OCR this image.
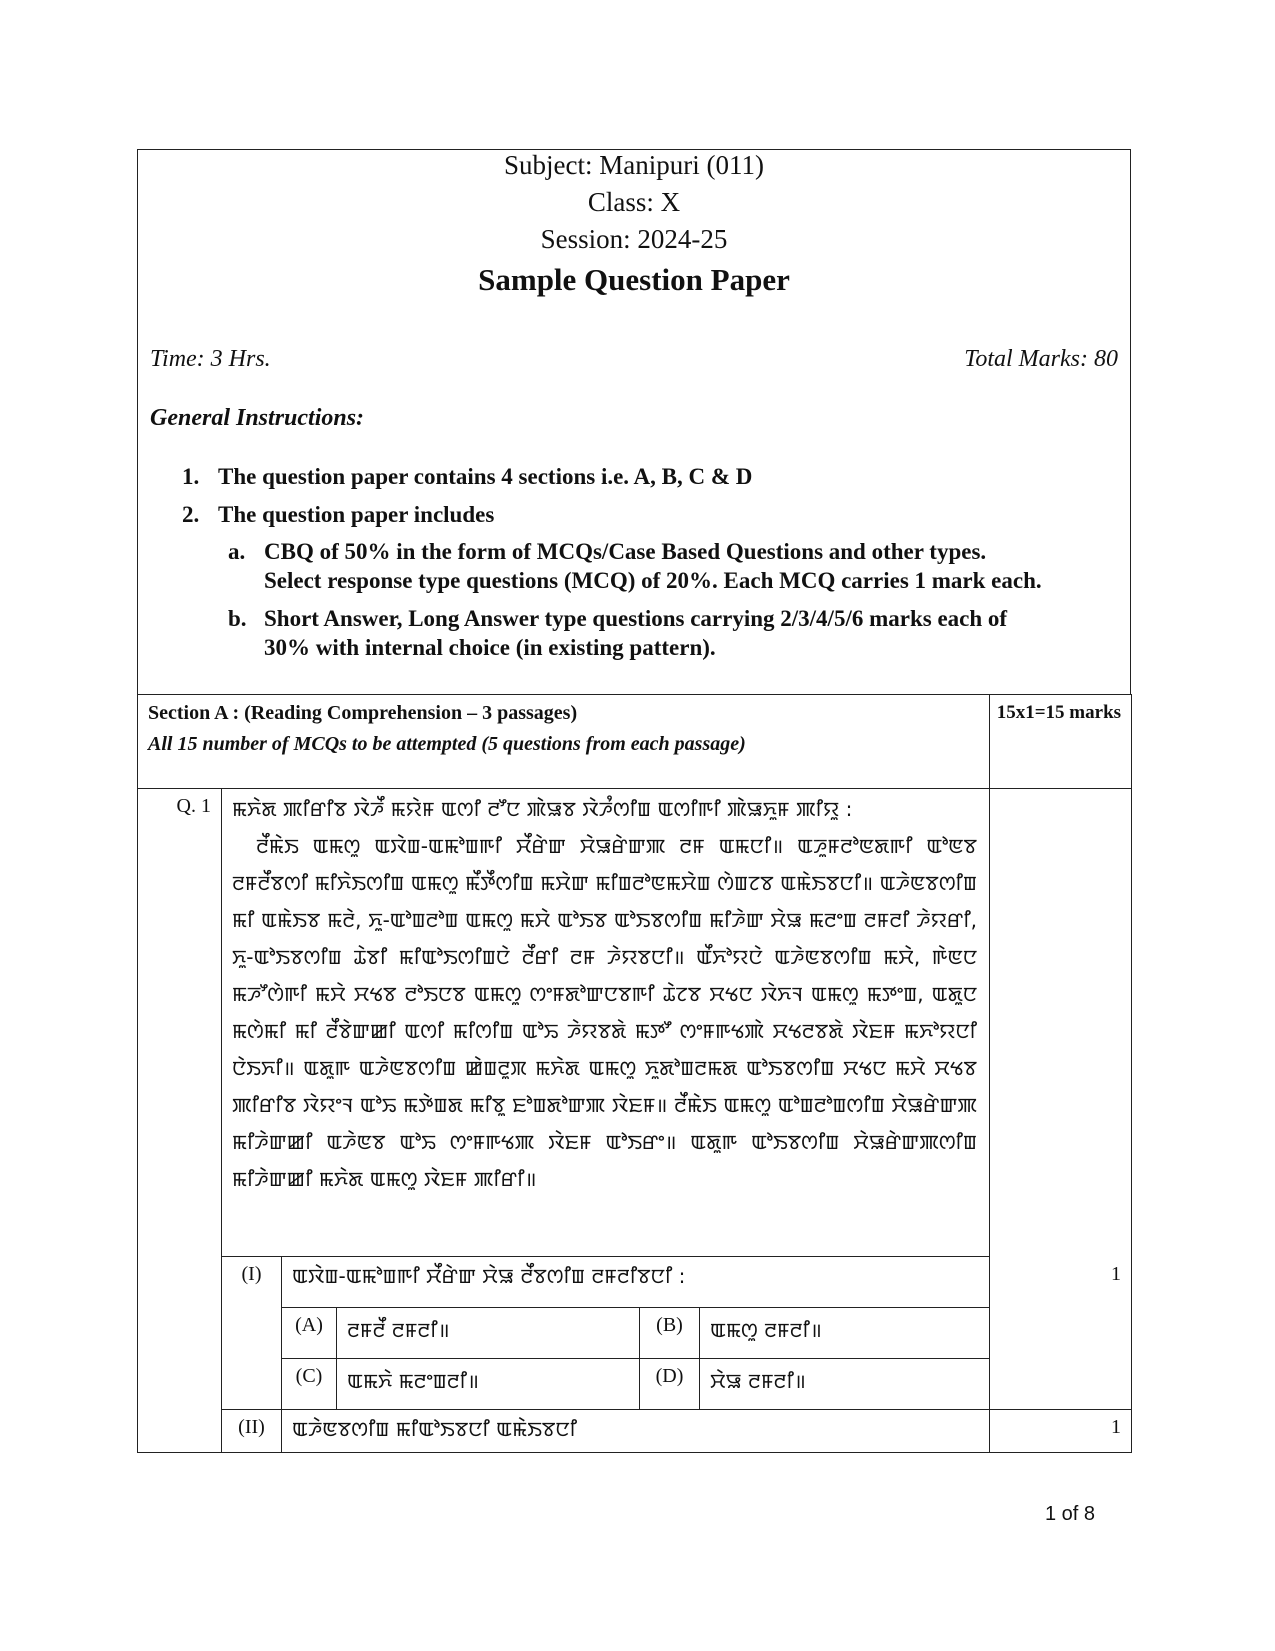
Subject: Manipuri (011)
Class: X
Session: 2024-25
Sample Question Paper
Time: 3 Hrs.	Total Marks: 80
General Instructions:
1. The question paper contains 4 sections i.e. A, B, C & D
2. The question paper includes
a. CBQ of 50% in the form of MCQs/Case Based Questions and other types.
Select response type questions (MCQ) of 20%. Each MCQ carries 1 mark each.
b. Short Answer, Long Answer type questions carrying 2/3/4/5/6 marks each of
30% with internal choice (in existing pattern).
Section A : (Reading Comprehension – 3 passages)
All 15 number of MCQs to be attempted (5 questions from each passage)						15x1=15 marks
Q. 1	ꯃꯈꯥꯗ ꯄꯤꯔꯤꯕ ꯋꯥꯍꯩ ꯃꯌꯥꯝ ꯑꯁꯤ ꯂꯧꯅ ꯄꯥꯎꯕ ꯋꯥꯍꯪꯁꯤꯡ ꯑꯁꯤꯒꯤ ꯄꯥꯎꯈꯨꯝ ꯄꯤꯌꯨ :

ꯂꯩꯃꯥꯏ ꯑꯃꯁꯨ ꯑꯋꯥꯡ-ꯑꯃꯣꯡꯒꯤ ꯆꯩꯔꯥꯛ ꯆꯥꯎꯔꯥꯛꯄ ꯂꯝ ꯑꯃꯅꯤ॥ ꯑꯍꯨꯝꯂꯣꯟꯗꯒꯤ ꯑꯣꯟꯕ ꯂꯝꯂꯩꯕꯁꯤ ꯃꯤꯈꯥꯏꯁꯤꯡ ꯑꯃꯁꯨ ꯃꯩꯇꯩꯁꯤꯡ ꯃꯆꯥꯛ ꯃꯤꯡꯂꯣꯟꯃꯆꯥꯡ ꯁꯥꯡꯖꯕ ꯑꯃꯥꯏꯕꯅꯤ॥ ꯑꯍꯥꯟꯕꯁꯤꯡ ꯃꯤ ꯑꯃꯥꯏꯕ ꯃꯂꯥ, ꯈꯨ-ꯑꯣꯡꯂꯣꯡ ꯑꯃꯁꯨ ꯃꯆꯥ ꯑꯣꯏꯕ ꯑꯣꯏꯕꯁꯤꯡ ꯃꯤꯍꯥꯛ ꯆꯥꯎ ꯃꯂꯦꯡ ꯂꯝꯂꯤ ꯍꯥꯌꯔꯤ, ꯈꯨ-ꯑꯣꯏꯕꯁꯤꯡ ꯊꯥꯕꯤ ꯃꯤꯑꯣꯏꯁꯤꯡꯅꯥ ꯂꯩꯔꯤ ꯂꯝ ꯍꯥꯌꯕꯅꯤ॥ ꯑꯩꯈꯣꯌꯅꯥ ꯑꯍꯥꯟꯕꯁꯤꯡ ꯃꯆꯥ, ꯒꯥꯟꯅ ꯃꯍꯧꯁꯥꯒꯤ ꯃꯆꯥ ꯆꯠꯕ ꯂꯣꯏꯅꯕ ꯑꯃꯁꯨ ꯁꯦꯝꯗꯣꯛꯅꯕꯒꯤ ꯊꯥꯖꯕ ꯆꯠꯅ ꯋꯥꯈꯜ ꯑꯃꯁꯨ ꯃꯇꯦꯡ, ꯑꯗꯨꯅ ꯃꯁꯥꯃꯤ ꯃꯤ ꯂꯩꯕꯥꯛꯀꯤ ꯑꯁꯤ ꯃꯤꯁꯤꯡ ꯑꯣꯢ ꯍꯥꯌꯕꯗꯥ ꯃꯇꯧ ꯁꯦꯝꯒꯠꯄꯥ ꯆꯠꯂꯕꯗꯥ ꯋꯥꯐꯝ ꯃꯈꯣꯌꯅꯤ ꯅꯥꯏꯈꯤ॥ ꯑꯗꯨꯒ ꯑꯍꯥꯟꯕꯁꯤꯡ ꯀꯥꯡꯂꯨꯞ ꯃꯈꯥꯗ ꯑꯃꯁꯨ ꯈꯨꯗꯣꯡꯂꯃꯗ ꯑꯣꯏꯕꯁꯤꯡ ꯆꯠꯅ ꯃꯆꯥ ꯆꯠꯕ ꯄꯤꯔꯤꯕ ꯋꯥꯌꯦꯜ ꯑꯣꯢ ꯃꯇꯥꯡꯗ ꯃꯤꯕꯨ ꯐꯣꯡꯗꯣꯛꯄ ꯋꯥꯐꯝ॥ ꯂꯩꯃꯥꯏ ꯑꯃꯁꯨ ꯑꯣꯡꯂꯣꯡꯁꯤꯡ ꯆꯥꯎꯔꯥꯛꯄ ꯃꯤꯍꯥꯛꯀꯤ ꯑꯍꯥꯟꯕ ꯑꯣꯢ ꯁꯦꯝꯒꯠꯄ ꯋꯥꯐꯝ ꯑꯣꯏꯔꯦ॥ ꯑꯗꯨꯒ ꯑꯣꯏꯕꯁꯤꯡ ꯆꯥꯎꯔꯥꯛꯄꯁꯤꯡ ꯃꯤꯍꯥꯛꯀꯤ ꯃꯈꯥꯗ ꯑꯃꯁꯨ ꯋꯥꯐꯝ ꯄꯤꯔꯤ॥					

	(I)	ꯑꯋꯥꯡ-ꯑꯃꯣꯡꯒꯤ ꯆꯩꯔꯥꯛ ꯆꯥꯎ ꯂꯩꯕꯁꯤꯡ ꯂꯝꯂꯤꯕꯅꯤ :				1
		(A)	ꯂꯝꯂꯩ ꯂꯝꯂꯤ॥	(B)	ꯑꯃꯁꯨ ꯂꯝꯂꯤ॥	
		(C)	ꯑꯃꯈꯥ ꯃꯂꯦꯡꯂꯤ॥	(D)	ꯆꯥꯎ ꯂꯝꯂꯤ॥	
	(II)	ꯑꯍꯥꯟꯕꯁꯤꯡ ꯃꯤꯑꯣꯏꯕꯅꯤ ꯑꯃꯥꯏꯕꯅꯤ				1
1 of 8
